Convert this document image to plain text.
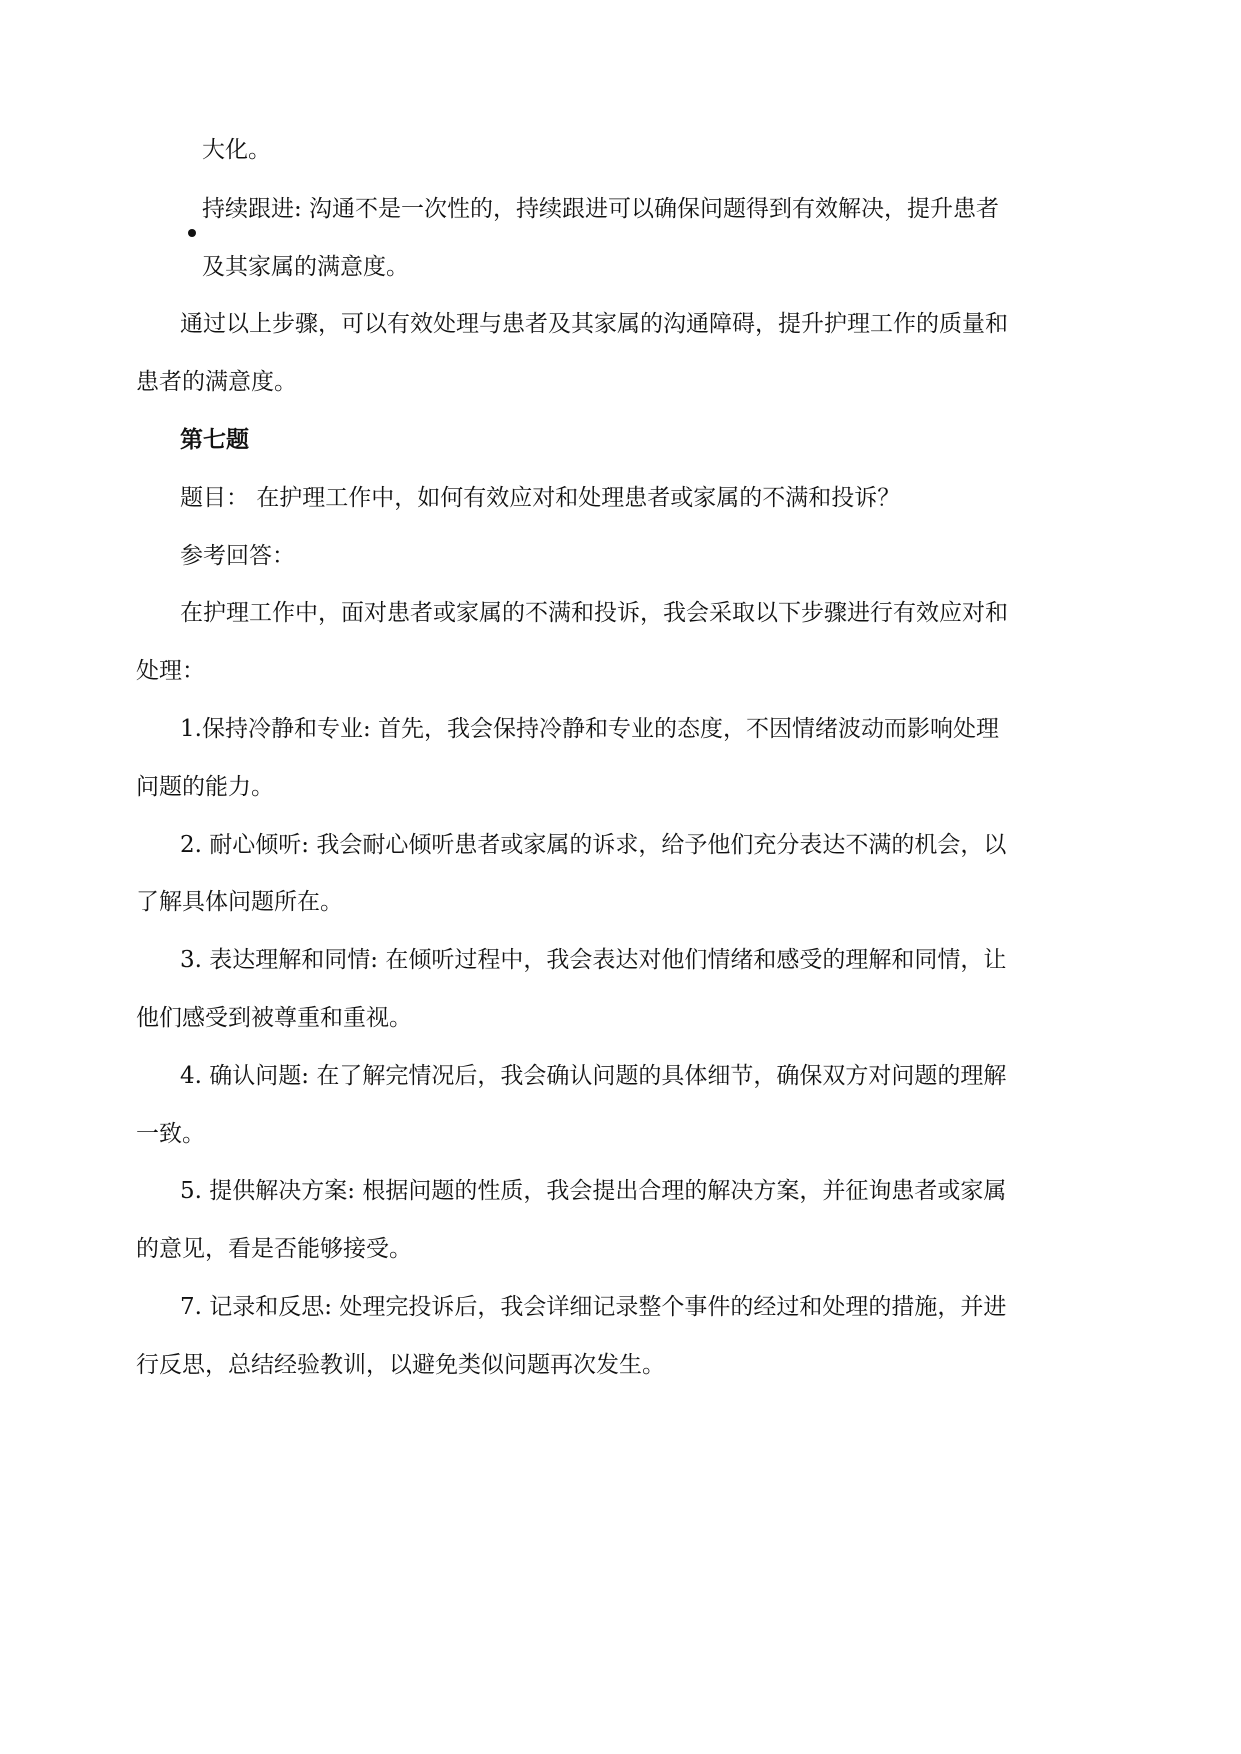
大化。
持续跟进: 沟通不是一次性的，持续跟进可以确保问题得到有效解决，提升患者
及其家属的满意度。
通过以上步骤，可以有效处理与患者及其家属的沟通障碍，提升护理工作的质量和
患者的满意度。
第七题
题目： 在护理工作中，如何有效应对和处理患者或家属的不满和投诉？
参考回答：
在护理工作中，面对患者或家属的不满和投诉，我会采取以下步骤进行有效应对和
处理：
1.保持冷静和专业: 首先，我会保持冷静和专业的态度，不因情绪波动而影响处理
问题的能力。
2. 耐心倾听: 我会耐心倾听患者或家属的诉求，给予他们充分表达不满的机会，以
了解具体问题所在。
3. 表达理解和同情: 在倾听过程中，我会表达对他们情绪和感受的理解和同情，让
他们感受到被尊重和重视。
4. 确认问题: 在了解完情况后，我会确认问题的具体细节，确保双方对问题的理解
一致。
5. 提供解决方案: 根据问题的性质，我会提出合理的解决方案，并征询患者或家属
的意见，看是否能够接受。
7. 记录和反思: 处理完投诉后，我会详细记录整个事件的经过和处理的措施，并进
行反思，总结经验教训，以避免类似问题再次发生。
